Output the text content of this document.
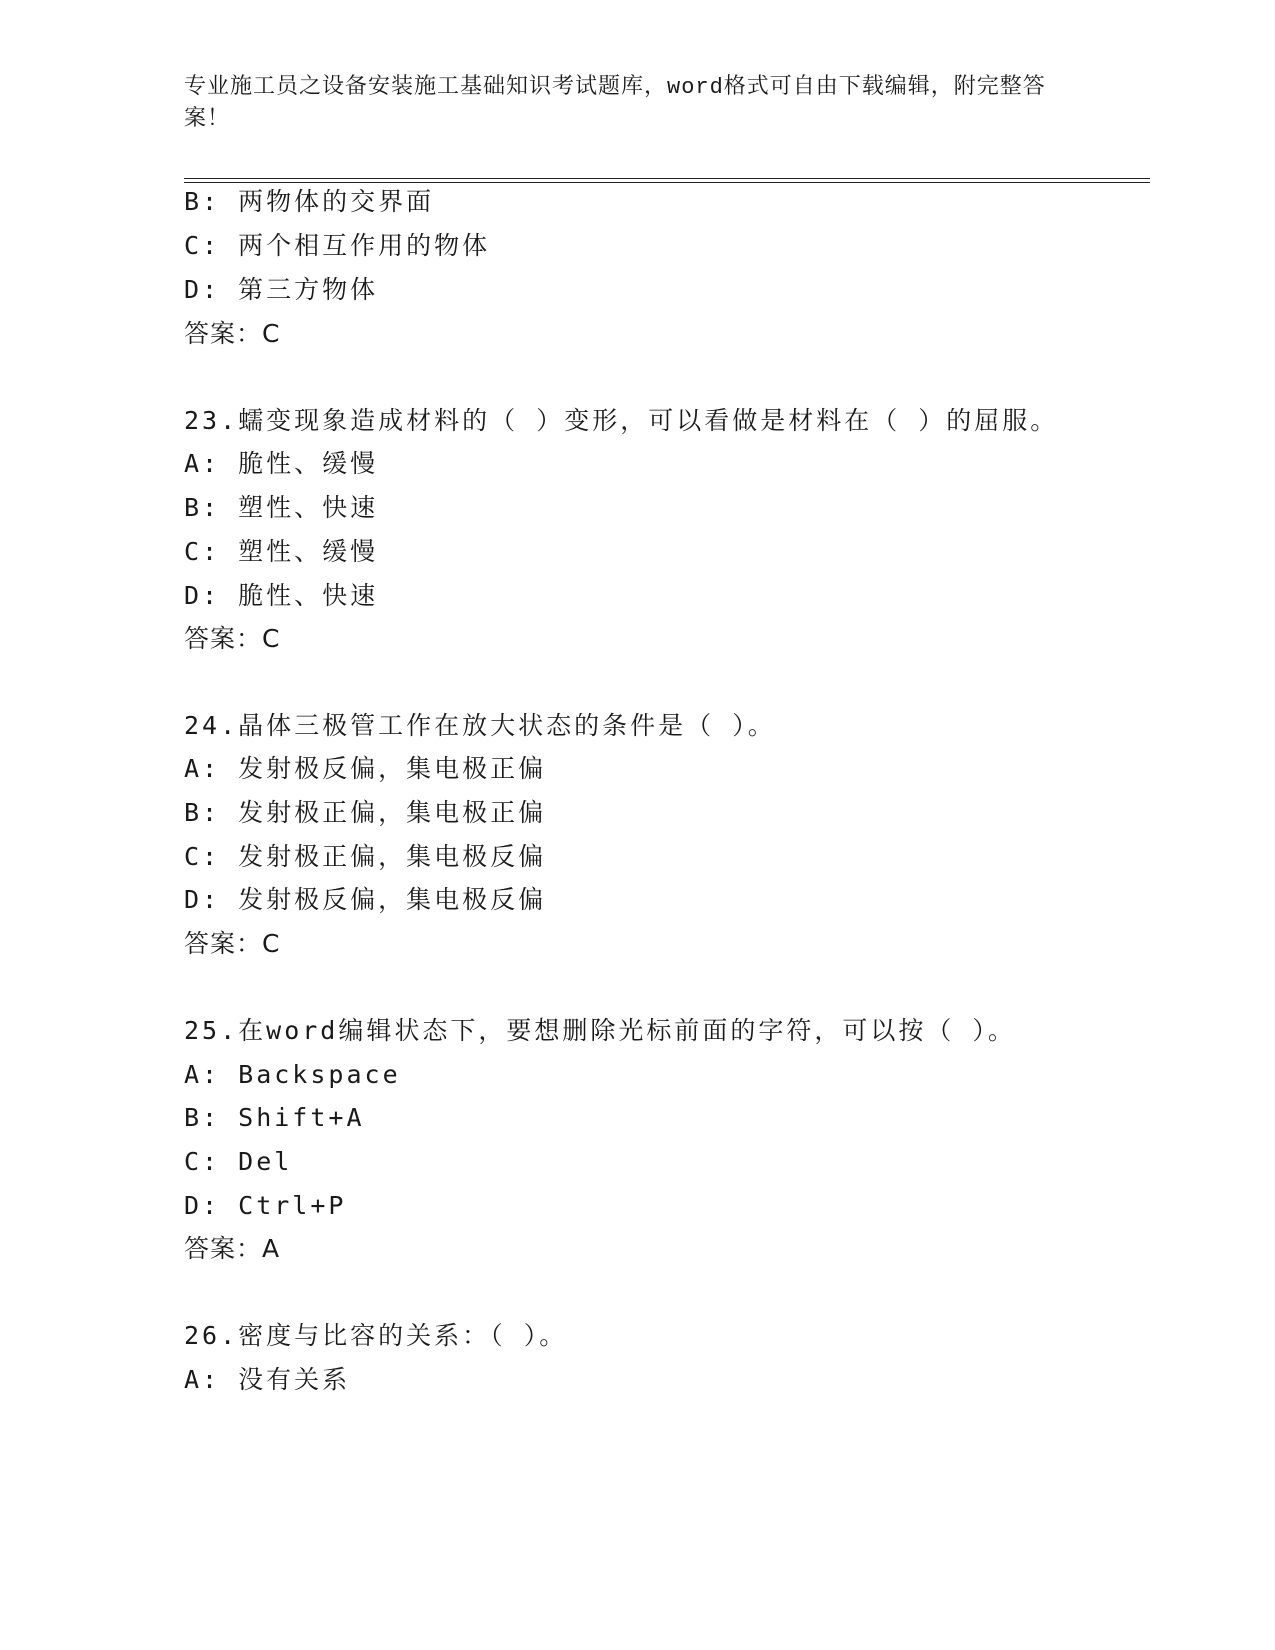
专业施工员之设备安装施工基础知识考试题库，word格式可自由下载编辑，附完整答案！
B: 两物体的交界面
C: 两个相互作用的物体
D: 第三方物体
答案：C
23.蠕变现象造成材料的（ ）变形，可以看做是材料在（ ）的屈服。
A: 脆性、缓慢
B: 塑性、快速
C: 塑性、缓慢
D: 脆性、快速
答案：C
24.晶体三极管工作在放大状态的条件是（ ）。
A: 发射极反偏，集电极正偏
B: 发射极正偏，集电极正偏
C: 发射极正偏，集电极反偏
D: 发射极反偏，集电极反偏
答案：C
25.在word编辑状态下，要想删除光标前面的字符，可以按（ ）。
A: Backspace
B: Shift+A
C: Del
D: Ctrl+P
答案：A
26.密度与比容的关系：（ ）。
A: 没有关系
